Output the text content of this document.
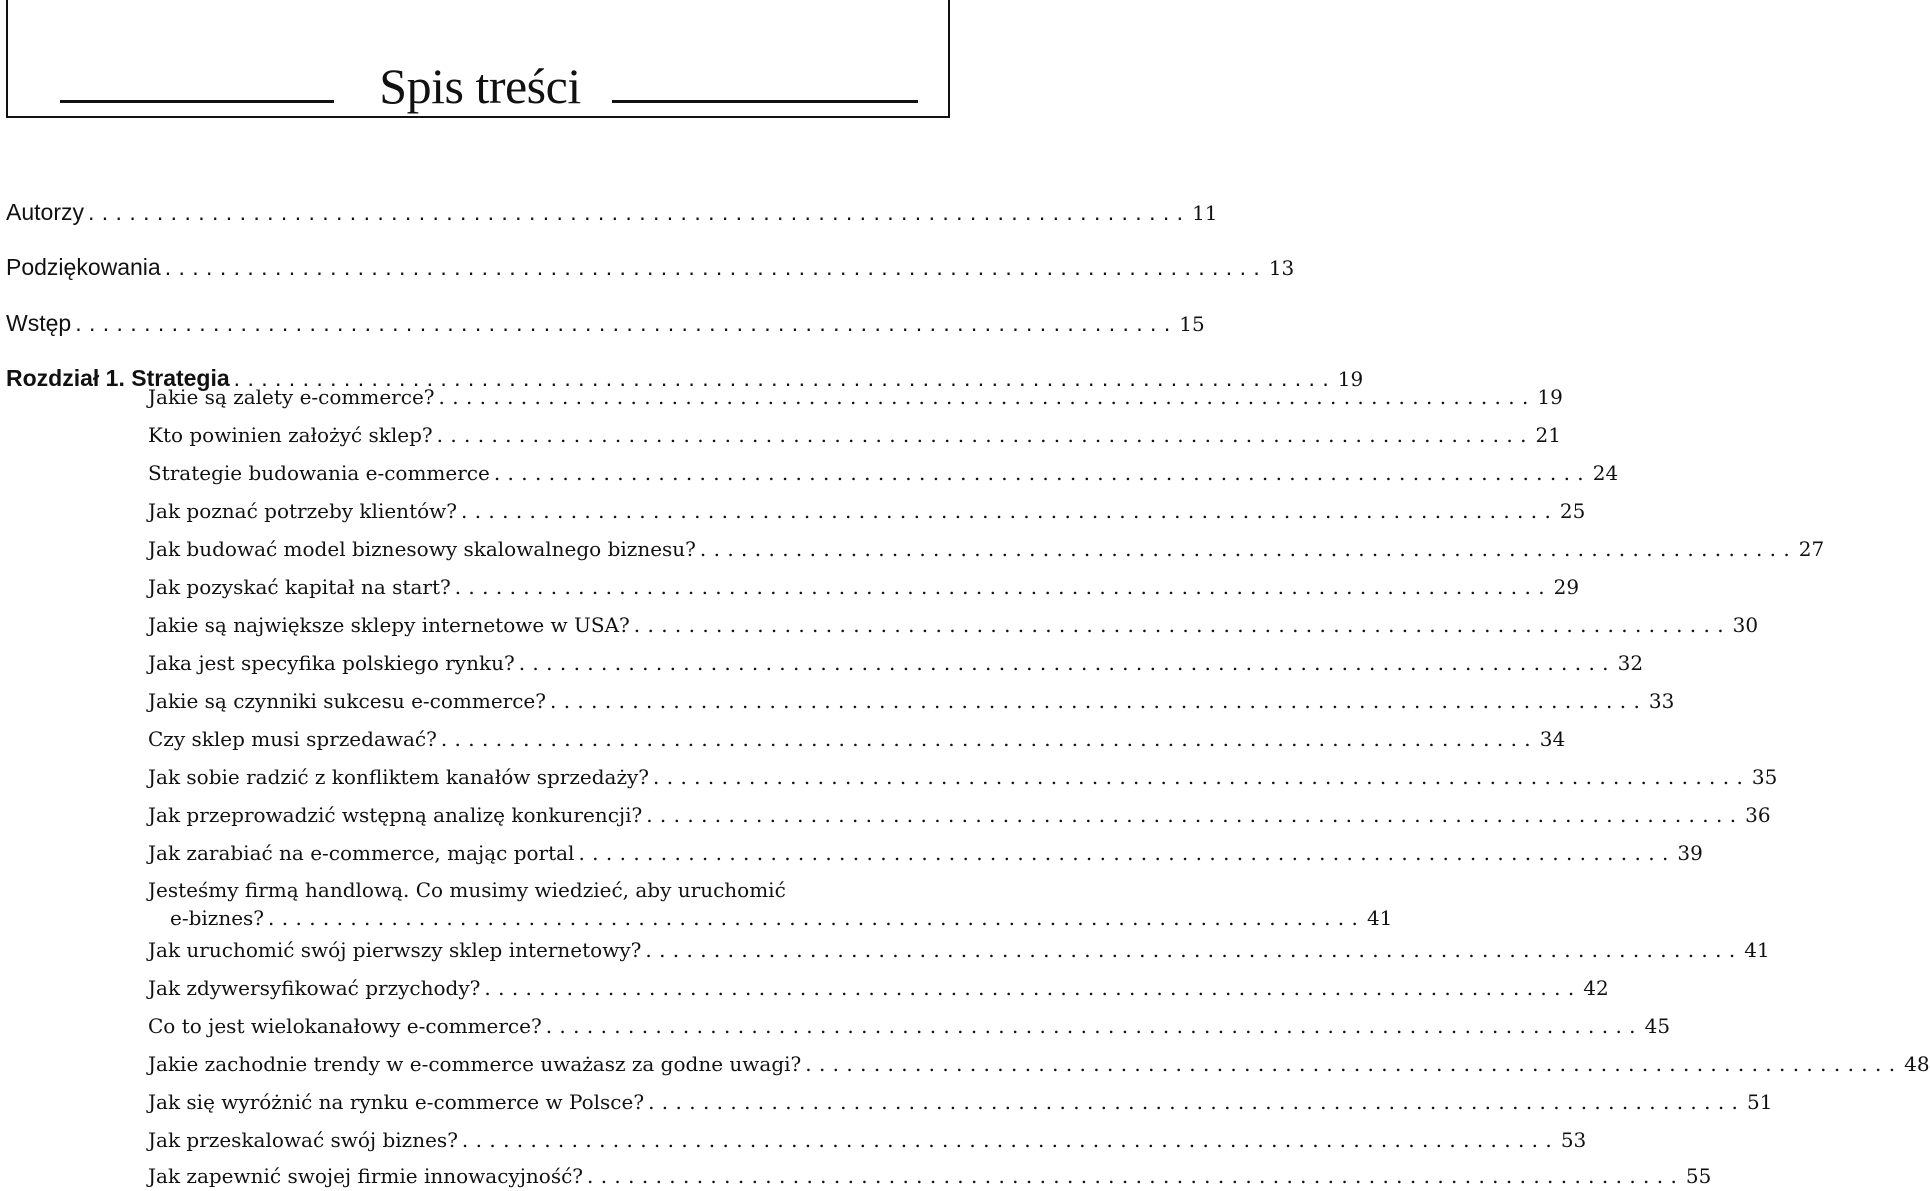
Spis treści
Autorzy . . . . . . . . . . . . . . . . . . . . . . . . . . . . . . . . . . . . . . . . . . . . . . . . . . . . . . . . . . . . . . . . . . . . . . . . . . . . . . . . 11
Podziękowania . . . . . . . . . . . . . . . . . . . . . . . . . . . . . . . . . . . . . . . . . . . . . . . . . . . . . . . . . . . . . . . . . . . . . . . . . . . . . . . . 13
Wstęp . . . . . . . . . . . . . . . . . . . . . . . . . . . . . . . . . . . . . . . . . . . . . . . . . . . . . . . . . . . . . . . . . . . . . . . . . . . . . . . . 15
Rozdział 1. Strategia . . . . . . . . . . . . . . . . . . . . . . . . . . . . . . . . . . . . . . . . . . . . . . . . . . . . . . . . . . . . . . . . . . . . . . . . . . . . . . . . 19
Jakie są zalety e-commerce? . . . . . . . . . . . . . . . . . . . . . . . . . . . . . . . . . . . . . . . . . . . . . . . . . . . . . . . . . . . . . . . . . . . . . . . . . . . . . . . . 19
Kto powinien założyć sklep? . . . . . . . . . . . . . . . . . . . . . . . . . . . . . . . . . . . . . . . . . . . . . . . . . . . . . . . . . . . . . . . . . . . . . . . . . . . . . . . . 21
Strategie budowania e-commerce . . . . . . . . . . . . . . . . . . . . . . . . . . . . . . . . . . . . . . . . . . . . . . . . . . . . . . . . . . . . . . . . . . . . . . . . . . . . . . . . 24
Jak poznać potrzeby klientów? . . . . . . . . . . . . . . . . . . . . . . . . . . . . . . . . . . . . . . . . . . . . . . . . . . . . . . . . . . . . . . . . . . . . . . . . . . . . . . . . 25
Jak budować model biznesowy skalowalnego biznesu? . . . . . . . . . . . . . . . . . . . . . . . . . . . . . . . . . . . . . . . . . . . . . . . . . . . . . . . . . . . . . . . . . . . . . . . . . . . . . . . . 27
Jak pozyskać kapitał na start? . . . . . . . . . . . . . . . . . . . . . . . . . . . . . . . . . . . . . . . . . . . . . . . . . . . . . . . . . . . . . . . . . . . . . . . . . . . . . . . . 29
Jakie są największe sklepy internetowe w USA? . . . . . . . . . . . . . . . . . . . . . . . . . . . . . . . . . . . . . . . . . . . . . . . . . . . . . . . . . . . . . . . . . . . . . . . . . . . . . . . . 30
Jaka jest specyfika polskiego rynku? . . . . . . . . . . . . . . . . . . . . . . . . . . . . . . . . . . . . . . . . . . . . . . . . . . . . . . . . . . . . . . . . . . . . . . . . . . . . . . . . 32
Jakie są czynniki sukcesu e-commerce? . . . . . . . . . . . . . . . . . . . . . . . . . . . . . . . . . . . . . . . . . . . . . . . . . . . . . . . . . . . . . . . . . . . . . . . . . . . . . . . . 33
Czy sklep musi sprzedawać? . . . . . . . . . . . . . . . . . . . . . . . . . . . . . . . . . . . . . . . . . . . . . . . . . . . . . . . . . . . . . . . . . . . . . . . . . . . . . . . . 34
Jak sobie radzić z konfliktem kanałów sprzedaży? . . . . . . . . . . . . . . . . . . . . . . . . . . . . . . . . . . . . . . . . . . . . . . . . . . . . . . . . . . . . . . . . . . . . . . . . . . . . . . . . 35
Jak przeprowadzić wstępną analizę konkurencji? . . . . . . . . . . . . . . . . . . . . . . . . . . . . . . . . . . . . . . . . . . . . . . . . . . . . . . . . . . . . . . . . . . . . . . . . . . . . . . . . 36
Jak zarabiać na e-commerce, mając portal . . . . . . . . . . . . . . . . . . . . . . . . . . . . . . . . . . . . . . . . . . . . . . . . . . . . . . . . . . . . . . . . . . . . . . . . . . . . . . . . 39
Jesteśmy firmą handlową. Co musimy wiedzieć, aby uruchomić
e-biznes? . . . . . . . . . . . . . . . . . . . . . . . . . . . . . . . . . . . . . . . . . . . . . . . . . . . . . . . . . . . . . . . . . . . . . . . . . . . . . . . . 41
Jak uruchomić swój pierwszy sklep internetowy? . . . . . . . . . . . . . . . . . . . . . . . . . . . . . . . . . . . . . . . . . . . . . . . . . . . . . . . . . . . . . . . . . . . . . . . . . . . . . . . . 41
Jak zdywersyfikować przychody? . . . . . . . . . . . . . . . . . . . . . . . . . . . . . . . . . . . . . . . . . . . . . . . . . . . . . . . . . . . . . . . . . . . . . . . . . . . . . . . . 42
Co to jest wielokanałowy e-commerce? . . . . . . . . . . . . . . . . . . . . . . . . . . . . . . . . . . . . . . . . . . . . . . . . . . . . . . . . . . . . . . . . . . . . . . . . . . . . . . . . 45
Jakie zachodnie trendy w e-commerce uważasz za godne uwagi? . . . . . . . . . . . . . . . . . . . . . . . . . . . . . . . . . . . . . . . . . . . . . . . . . . . . . . . . . . . . . . . . . . . . . . . . . . . . . . . . 48
Jak się wyróżnić na rynku e-commerce w Polsce? . . . . . . . . . . . . . . . . . . . . . . . . . . . . . . . . . . . . . . . . . . . . . . . . . . . . . . . . . . . . . . . . . . . . . . . . . . . . . . . . 51
Jak przeskalować swój biznes? . . . . . . . . . . . . . . . . . . . . . . . . . . . . . . . . . . . . . . . . . . . . . . . . . . . . . . . . . . . . . . . . . . . . . . . . . . . . . . . . 53
Jak zapewnić swojej firmie innowacyjność? . . . . . . . . . . . . . . . . . . . . . . . . . . . . . . . . . . . . . . . . . . . . . . . . . . . . . . . . . . . . . . . . . . . . . . . . . . . . . . . . 55
